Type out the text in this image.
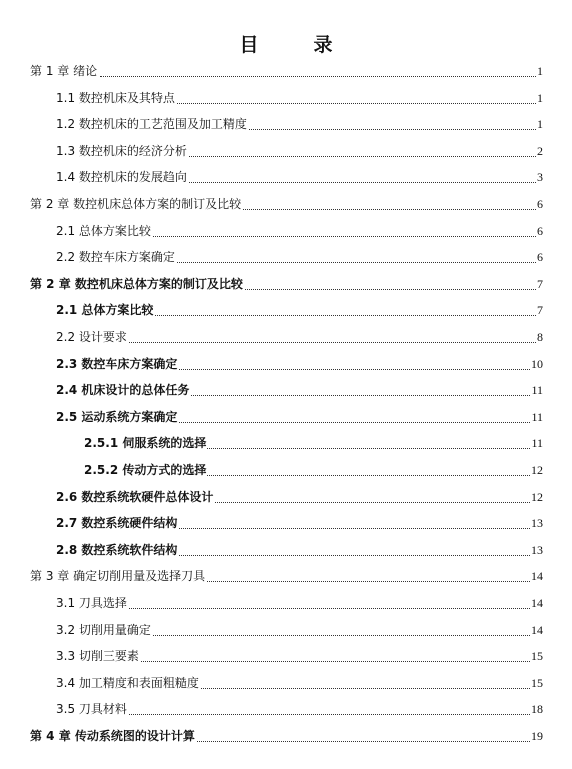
目　录
第 1 章 绪论	1
1.1 数控机床及其特点	1
1.2 数控机床的工艺范围及加工精度	1
1.3 数控机床的经济分析	2
1.4 数控机床的发展趋向	3
第 2 章 数控机床总体方案的制订及比较	6
2.1 总体方案比较	6
2.2 数控车床方案确定	6
第 2 章 数控机床总体方案的制订及比较	7
2.1 总体方案比较	7
2.2 设计要求	8
2.3 数控车床方案确定	10
2.4 机床设计的总体任务	11
2.5 运动系统方案确定	11
2.5.1 伺服系统的选择	11
2.5.2 传动方式的选择	12
2.6 数控系统软硬件总体设计	12
2.7 数控系统硬件结构	13
2.8 数控系统软件结构	13
第 3 章 确定切削用量及选择刀具	14
3.1 刀具选择	14
3.2 切削用量确定	14
3.3 切削三要素	15
3.4 加工精度和表面粗糙度	15
3.5 刀具材料	18
第 4 章 传动系统图的设计计算	19
